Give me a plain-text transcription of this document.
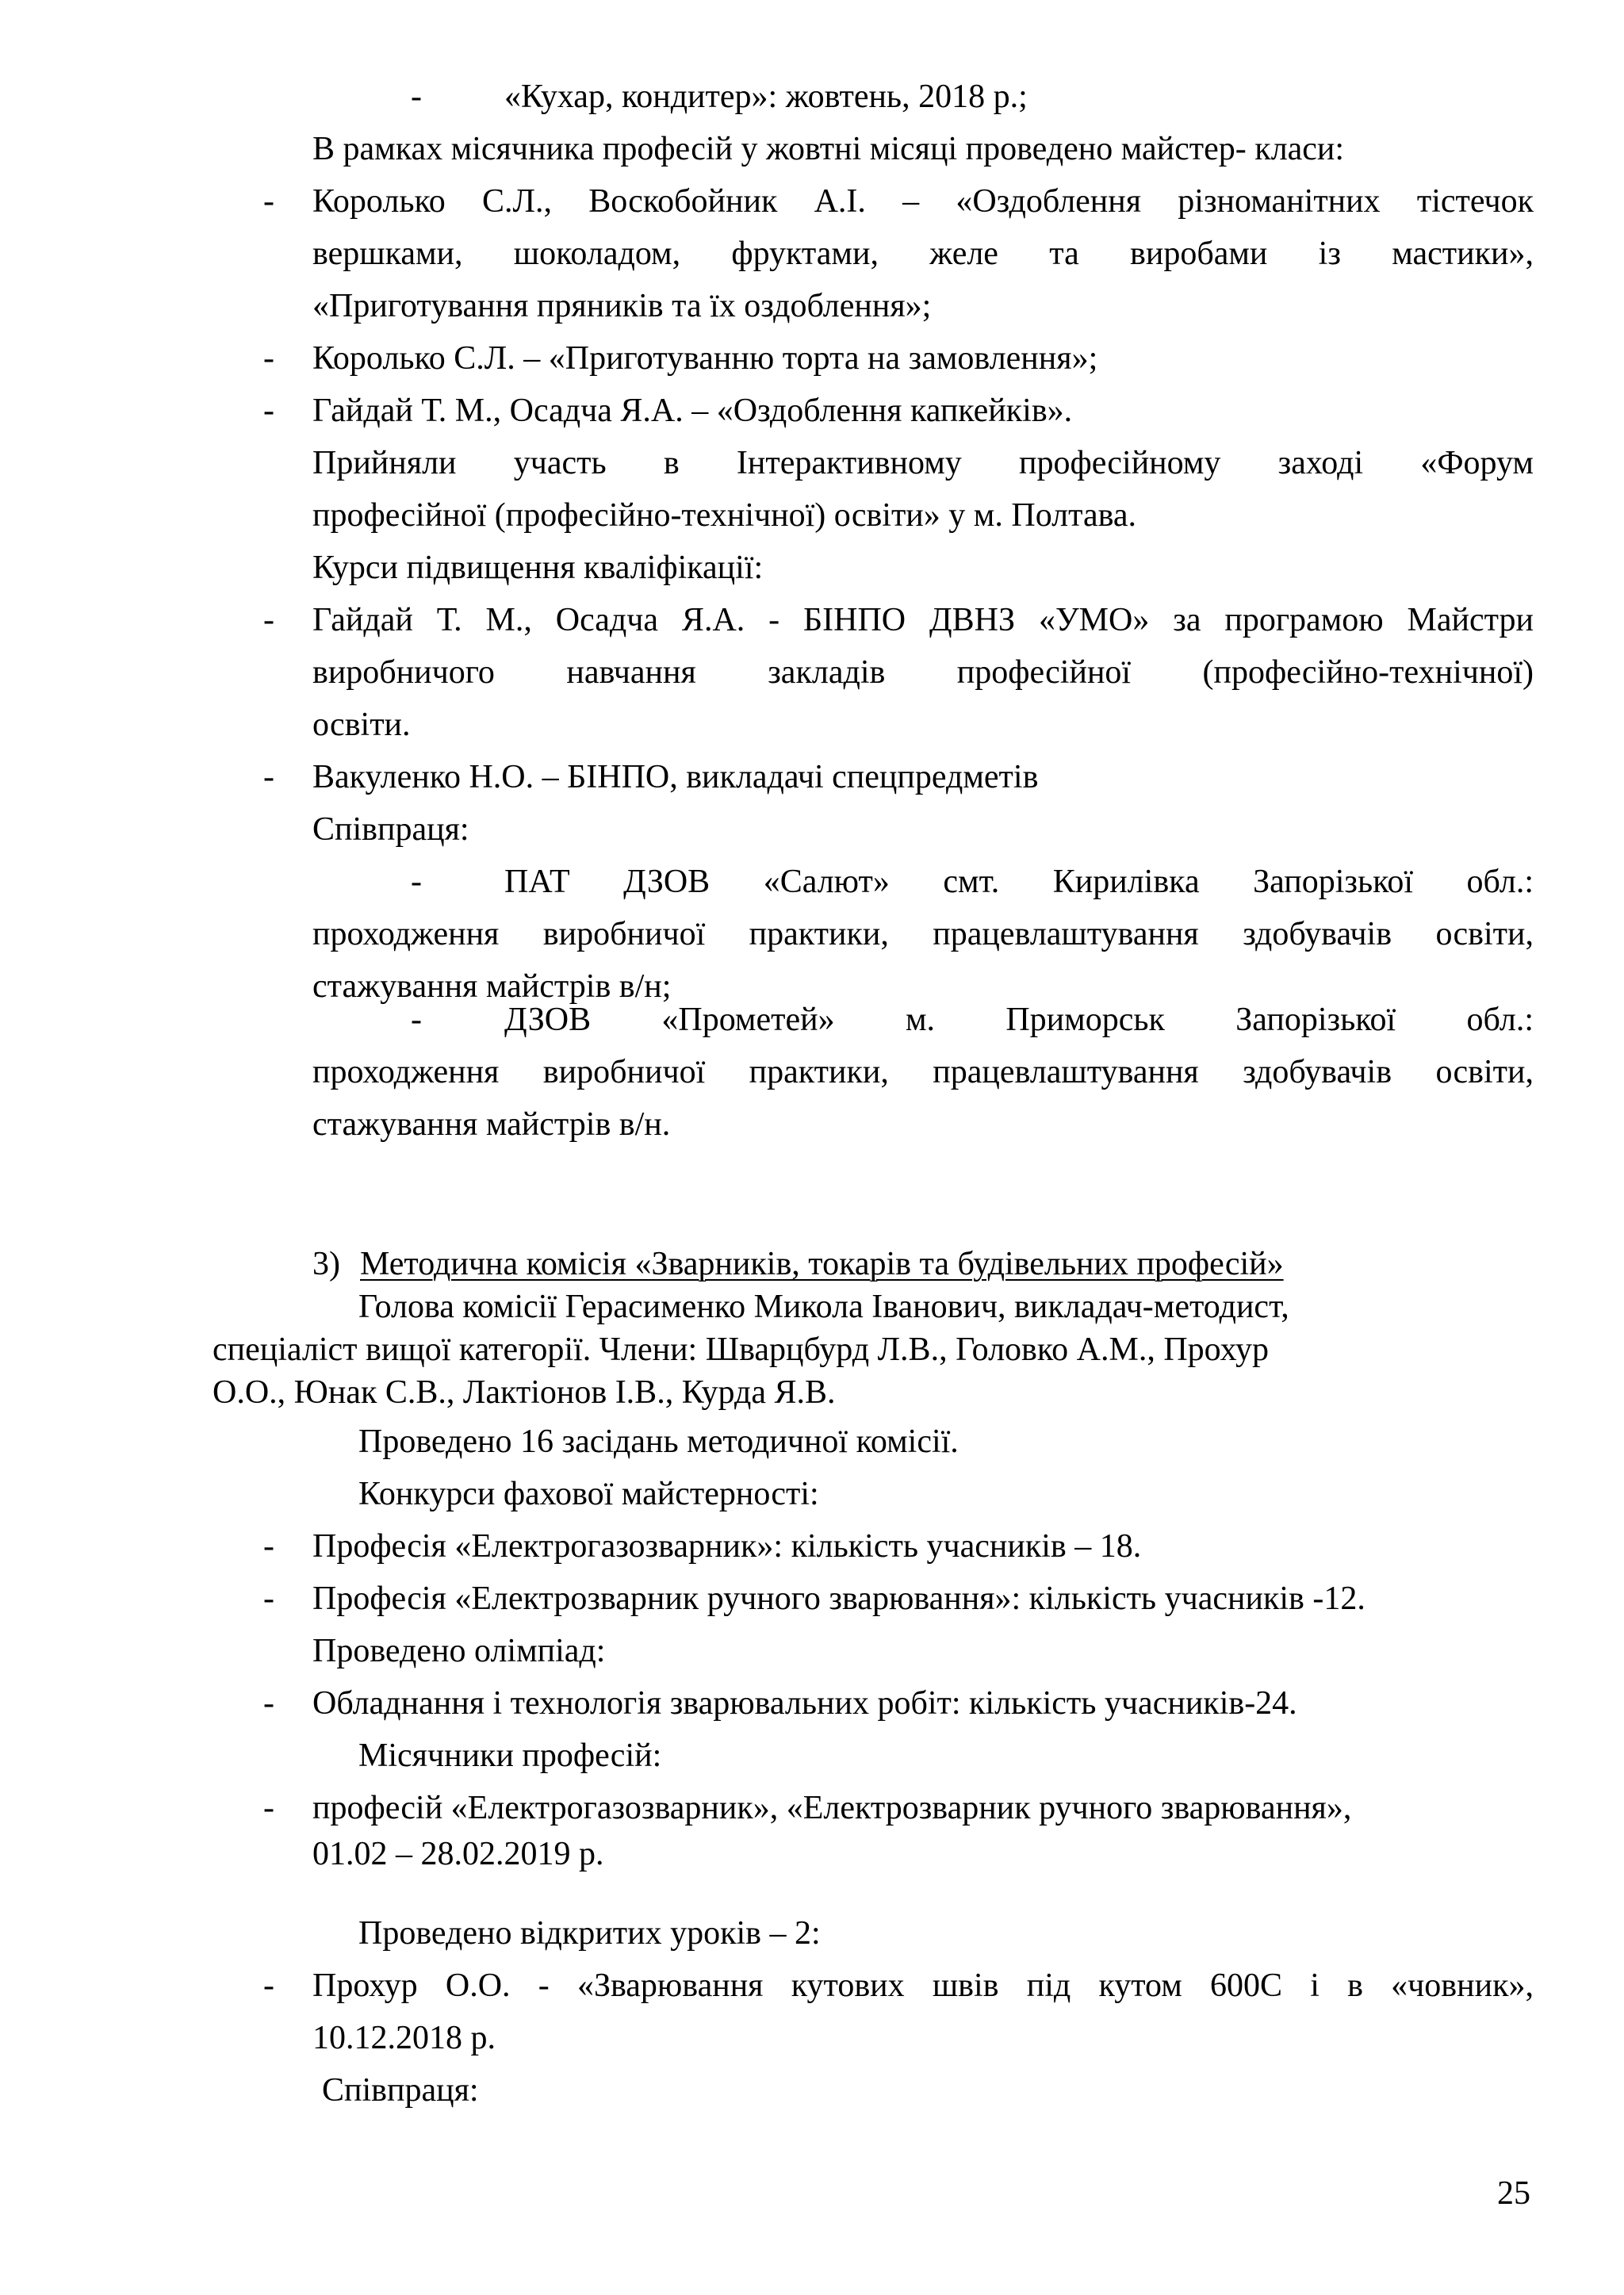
- «Кухар, кондитер»: жовтень, 2018 р.;
В рамках місячника професій у жовтні місяці проведено майстер- класи:
- Королько С.Л., Воскобойник А.І. – «Оздоблення різноманітних тістечок
вершками, шоколадом, фруктами, желе та виробами із мастики»,
«Приготування пряників та їх оздоблення»;
- Королько С.Л. – «Приготуванню торта на замовлення»;
- Гайдай Т. М., Осадча Я.А. – «Оздоблення капкейків».
Прийняли участь в Інтерактивному професійному заході «Форум
професійної (професійно-технічної) освіти» у м. Полтава.
Курси підвищення кваліфікації:
- Гайдай Т. М., Осадча Я.А. - БІНПО ДВНЗ «УМО» за програмою Майстри
виробничого навчання закладів професійної (професійно-технічної)
освіти.
- Вакуленко Н.О. – БІНПО, викладачі спецпредметів
Співпраця:
- ПАТ ДЗОВ «Салют» смт. Кирилівка Запорізької обл.:
проходження виробничої практики, працевлаштування здобувачів освіти,
стажування майстрів в/н;
- ДЗОВ «Прометей» м. Приморськ Запорізької обл.:
проходження виробничої практики, працевлаштування здобувачів освіти,
стажування майстрів в/н.
3) Методична комісія «Зварників, токарів та будівельних професій»
Голова комісії Герасименко Микола Іванович, викладач-методист,
спеціаліст вищої категорії. Члени: Шварцбурд Л.В., Головко А.М., Прохур
О.О., Юнак С.В., Лактіонов І.В., Курда Я.В.
Проведено 16 засідань методичної комісії.
Конкурси фахової майстерності:
- Професія «Електрогазозварник»: кількість учасників – 18.
- Професія «Електрозварник ручного зварювання»: кількість учасників -12.
Проведено олімпіад:
- Обладнання і технологія зварювальних робіт: кількість учасників-24.
Місячники професій:
- професій «Електрогазозварник», «Електрозварник ручного зварювання»,
01.02 – 28.02.2019 р.
Проведено відкритих уроків – 2:
- Прохур О.О. - «Зварювання кутових швів під кутом 600С і в «човник»,
10.12.2018 р.
Співпраця:
25
